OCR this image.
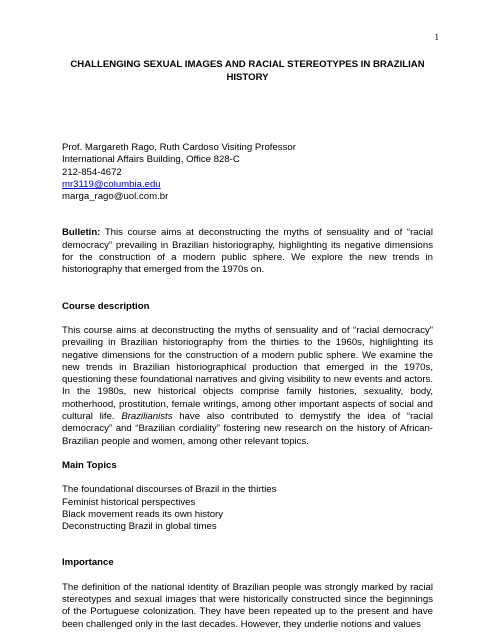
1
CHALLENGING SEXUAL IMAGES AND RACIAL STEREOTYPES IN BRAZILIAN HISTORY
Prof. Margareth Rago, Ruth Cardoso Visiting Professor
International Affairs Building, Office 828-C
212-854-4672
mr3119@columbia.edu
marga_rago@uol.com.br

Bulletin: This course aims at deconstructing the myths of sensuality and of “racial democracy” prevailing in Brazilian historiography, highlighting its negative dimensions for the construction of a modern public sphere. We explore the new trends in historiography that emerged from the 1970s on.

Course description

This course aims at deconstructing the myths of sensuality and of “racial democracy” prevailing in Brazilian historiography from the thirties to the 1960s, highlighting its negative dimensions for the construction of a modern public sphere. We examine the new trends in Brazilian historiographical production that emerged in the 1970s, questioning these foundational narratives and giving visibility to new events and actors. In the 1980s, new historical objects comprise family histories, sexuality, body, motherhood, prostitution, female writings, among other important aspects of social and cultural life. Brazilianists have also contributed to demystify the idea of “racial democracy” and “Brazilian cordiality” fostering new research on the history of African-Brazilian people and women, among other relevant topics.

Main Topics

The foundational discourses of Brazil in the thirties
Feminist historical perspectives
Black movement reads its own history
Deconstructing Brazil in global times

Importance

The definition of the national identity of Brazilian people was strongly marked by racial stereotypes and sexual images that were historically constructed since the beginnings of the Portuguese colonization. They have been repeated up to the present and have been challenged only in the last decades. However, they underlie notions and values
